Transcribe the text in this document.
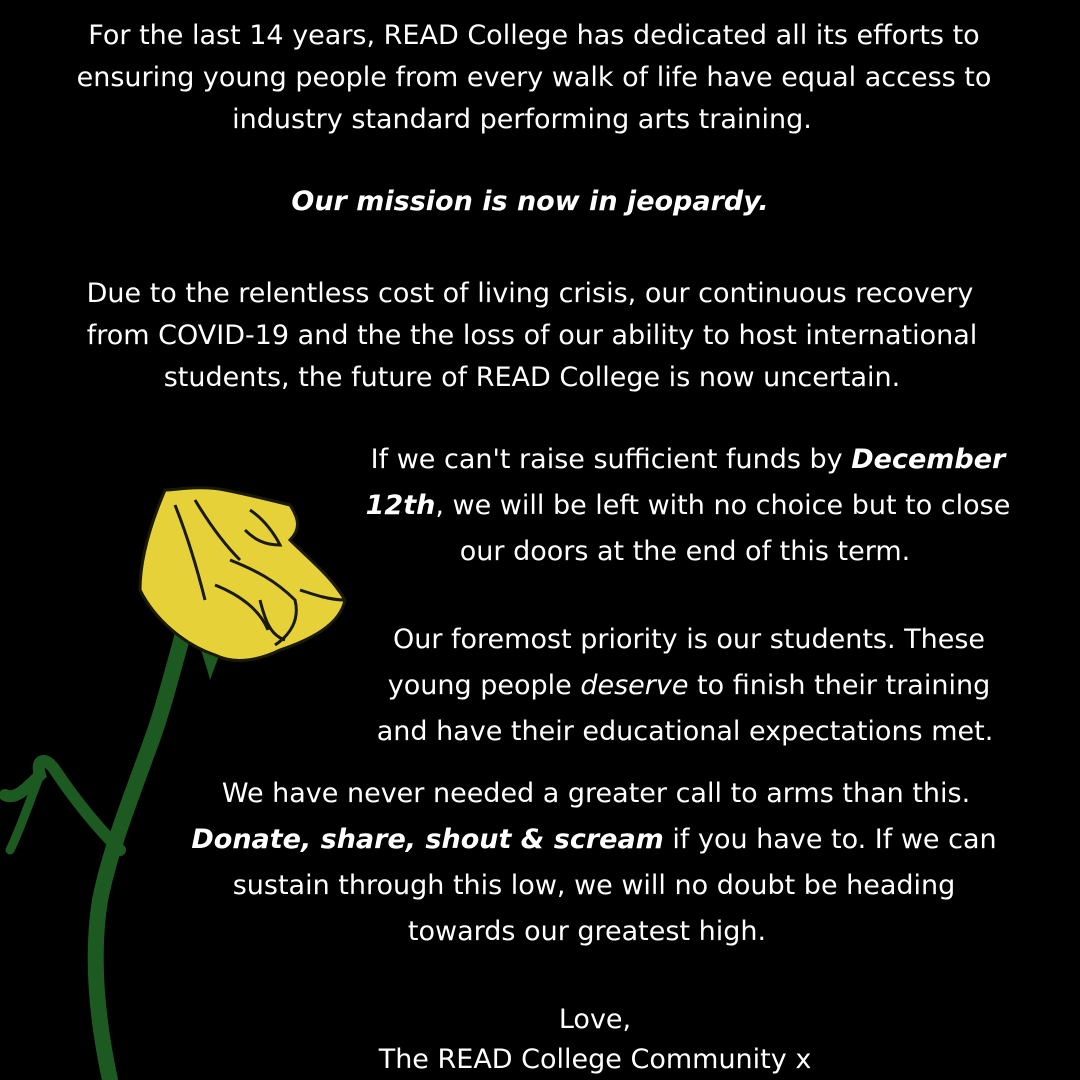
For the last 14 years, READ College has dedicated all its efforts to
ensuring young people from every walk of life have equal access to
industry standard performing arts training.
Our mission is now in jeopardy.
Due to the relentless cost of living crisis, our continuous recovery
from COVID-19 and the the loss of our ability to host international
students, the future of READ College is now uncertain.
If we can't raise sufficient funds by December
12th, we will be left with no choice but to close
our doors at the end of this term.
Our foremost priority is our students. These
young people deserve to finish their training
and have their educational expectations met.
We have never needed a greater call to arms than this.
Donate, share, shout & scream if you have to. If we can
sustain through this low, we will no doubt be heading
towards our greatest high.
Love,
The READ College Community x
